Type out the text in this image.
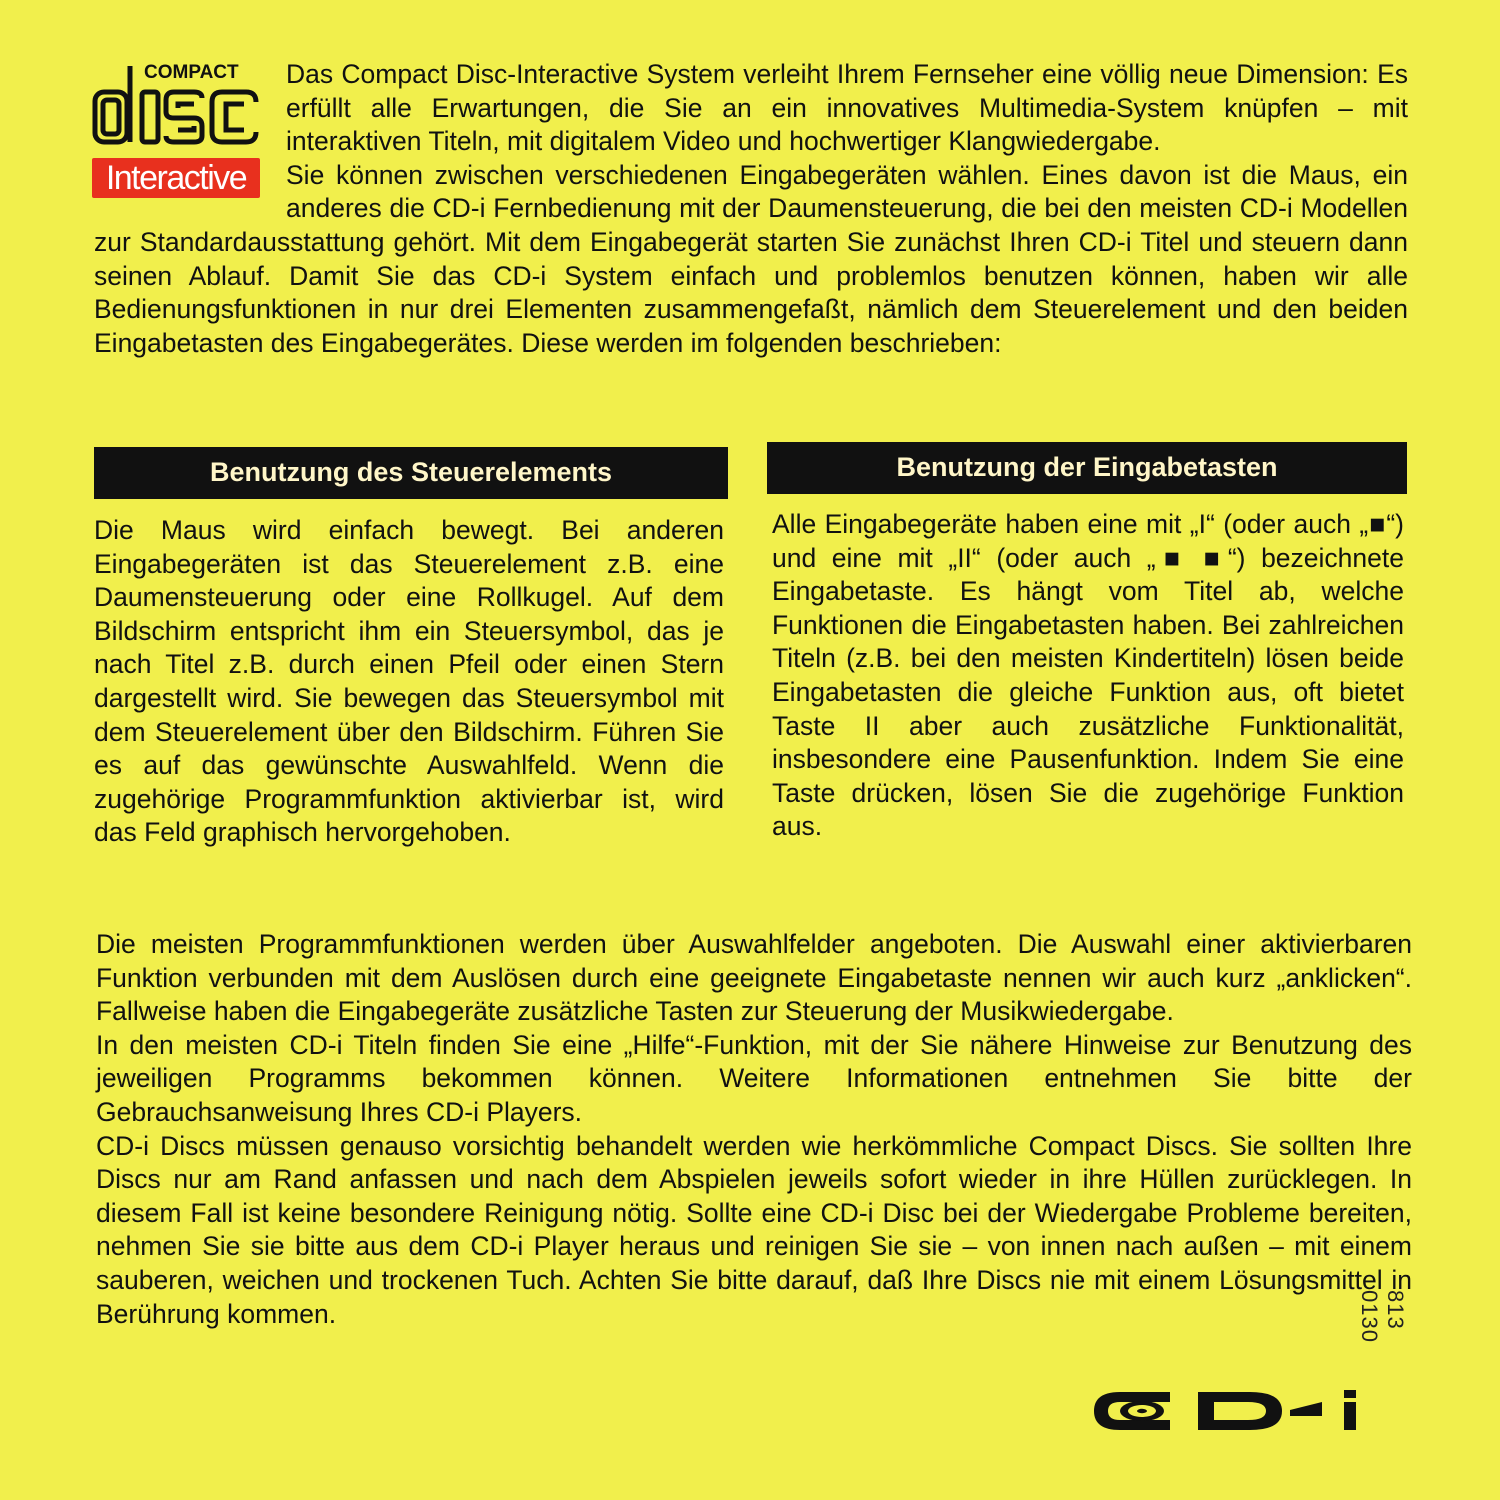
COMPACT
Interactive

Das Compact Disc-Interactive System verleiht Ihrem Fernseher eine völlig neue Dimension: Es erfüllt alle Erwartungen, die Sie an ein innovatives Multimedia-System knüpfen – mit interaktiven Titeln, mit digitalem Video und hochwertiger Klangwiedergabe.

Sie können zwischen verschiedenen Eingabegeräten wählen. Eines davon ist die Maus, ein anderes die CD-i Fernbedienung mit der Daumensteuerung, die bei den meisten CD-i Modellen zur Standardausstattung gehört. Mit dem Eingabegerät starten Sie zunächst Ihren CD-i Titel und steuern dann seinen Ablauf. Damit Sie das CD-i System einfach und problemlos benutzen können, haben wir alle Bedienungsfunktionen in nur drei Elementen zusammengefaßt, nämlich dem Steuerelement und den beiden Eingabetasten des Eingabegerätes. Diese werden im folgenden beschrieben:

Benutzung des Steuerelements

Die Maus wird einfach bewegt. Bei anderen Eingabegeräten ist das Steuerelement z.B. eine Daumensteuerung oder eine Rollkugel. Auf dem Bildschirm entspricht ihm ein Steuersymbol, das je nach Titel z.B. durch einen Pfeil oder einen Stern dargestellt wird. Sie bewegen das Steuersymbol mit dem Steuerelement über den Bildschirm. Führen Sie es auf das gewünschte Auswahlfeld. Wenn die zugehörige Programmfunktion aktivierbar ist, wird das Feld graphisch hervorgehoben.

Benutzung der Eingabetasten

Alle Eingabegeräte haben eine mit „I“ (oder auch „■“) und eine mit „II“ (oder auch „■ ■“) bezeichnete Eingabetaste. Es hängt vom Titel ab, welche Funktionen die Eingabetasten haben. Bei zahlreichen Titeln (z.B. bei den meisten Kindertiteln) lösen beide Eingabetasten die gleiche Funktion aus, oft bietet Taste II aber auch zusätzliche Funktionalität, insbesondere eine Pausenfunktion. Indem Sie eine Taste drücken, lösen Sie die zugehörige Funktion aus.

Die meisten Programmfunktionen werden über Auswahlfelder angeboten. Die Auswahl einer aktivierbaren Funktion verbunden mit dem Auslösen durch eine geeignete Eingabetaste nennen wir auch kurz „anklicken“. Fallweise haben die Eingabegeräte zusätzliche Tasten zur Steuerung der Musikwiedergabe.

In den meisten CD-i Titeln finden Sie eine „Hilfe“-Funktion, mit der Sie nähere Hinweise zur Benutzung des jeweiligen Programms bekommen können. Weitere Informationen entnehmen Sie bitte der Gebrauchsanweisung Ihres CD-i Players.

CD-i Discs müssen genauso vorsichtig behandelt werden wie herkömmliche Compact Discs. Sie sollten Ihre Discs nur am Rand anfassen und nach dem Abspielen jeweils sofort wieder in ihre Hüllen zurücklegen. In diesem Fall ist keine besondere Reinigung nötig. Sollte eine CD-i Disc bei der Wiedergabe Probleme bereiten, nehmen Sie sie bitte aus dem CD-i Player heraus und reinigen Sie sie – von innen nach außen – mit einem sauberen, weichen und trockenen Tuch. Achten Sie bitte darauf, daß Ihre Discs nie mit einem Lösungsmittel in Berührung kommen.	813 0130
CD-i
